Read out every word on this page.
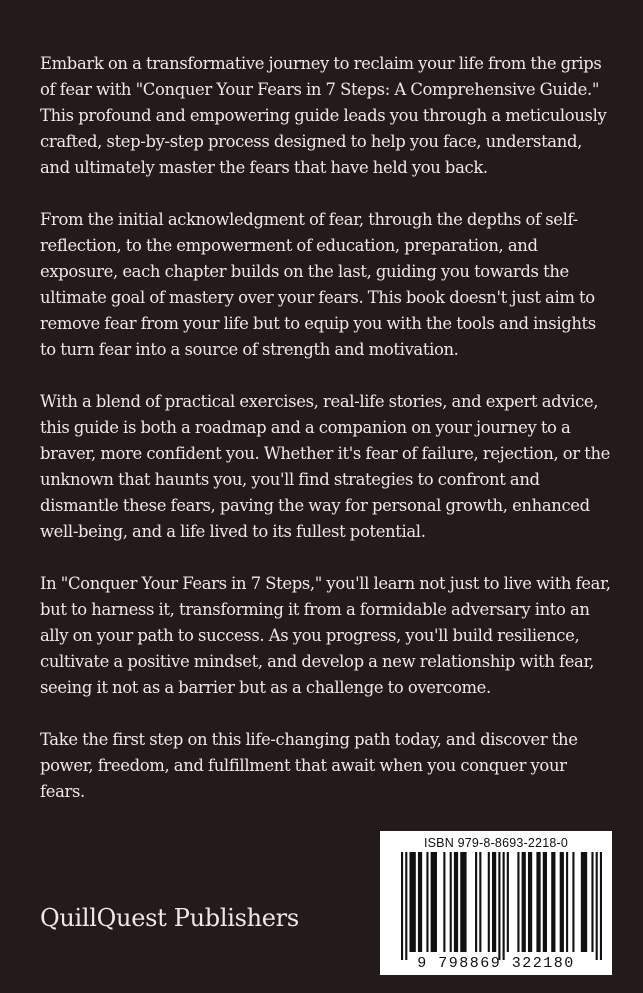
Embark on a transformative journey to reclaim your life from the grips of fear with "Conquer Your Fears in 7 Steps: A Comprehensive Guide." This profound and empowering guide leads you through a meticulously crafted, step-by-step process designed to help you face, understand, and ultimately master the fears that have held you back.

From the initial acknowledgment of fear, through the depths of self-reflection, to the empowerment of education, preparation, and exposure, each chapter builds on the last, guiding you towards the ultimate goal of mastery over your fears. This book doesn't just aim to remove fear from your life but to equip you with the tools and insights to turn fear into a source of strength and motivation.

With a blend of practical exercises, real-life stories, and expert advice, this guide is both a roadmap and a companion on your journey to a braver, more confident you. Whether it's fear of failure, rejection, or the unknown that haunts you, you'll find strategies to confront and dismantle these fears, paving the way for personal growth, enhanced well-being, and a life lived to its fullest potential.

In "Conquer Your Fears in 7 Steps," you'll learn not just to live with fear, but to harness it, transforming it from a formidable adversary into an ally on your path to success. As you progress, you'll build resilience, cultivate a positive mindset, and develop a new relationship with fear, seeing it not as a barrier but as a challenge to overcome.

Take the first step on this life-changing path today, and discover the power, freedom, and fulfillment that await when you conquer your fears.

QuillQuest Publishers
ISBN 979-8-8693-2218-0
9 798869 322180
